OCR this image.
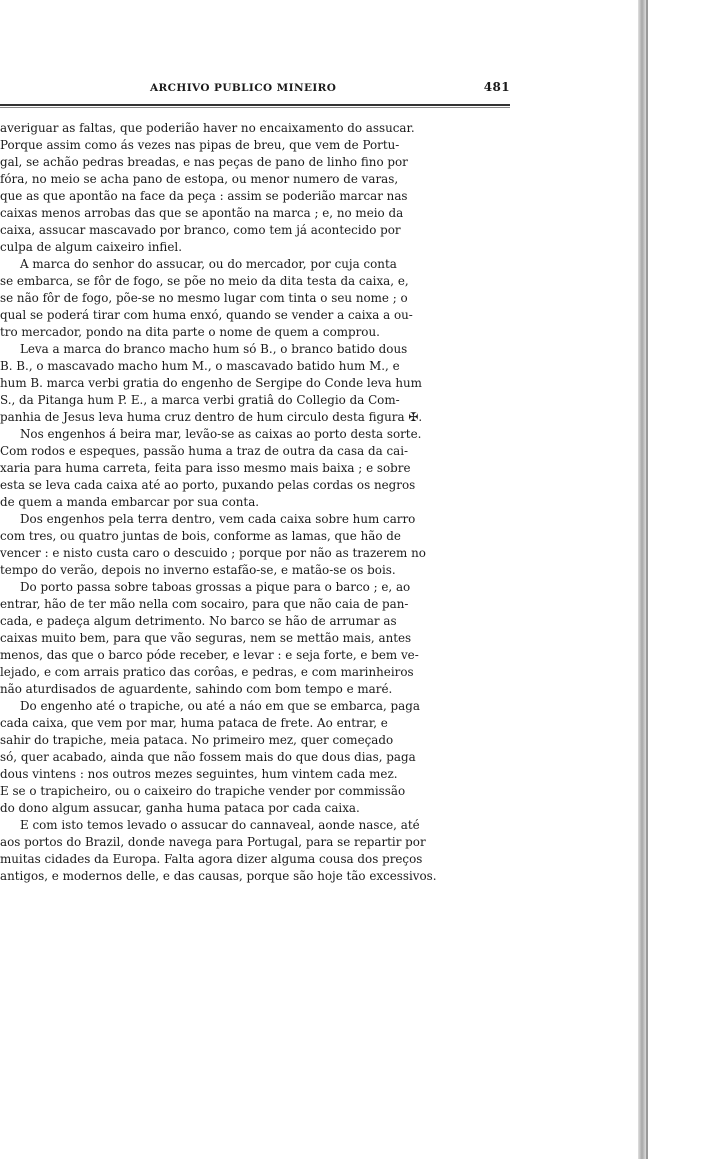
ARCHIVO PUBLICO MINEIRO	481
averiguar as faltas, que poderião haver no encaixamento do assucar.
Porque assim como ás vezes nas pipas de breu, que vem de Portu-
gal, se achão pedras breadas, e nas peças de pano de linho fino por
fóra, no meio se acha pano de estopa, ou menor numero de varas,
que as que apontão na face da peça : assim se poderião marcar nas
caixas menos arrobas das que se apontão na marca ; e, no meio da
caixa, assucar mascavado por branco, como tem já acontecido por
culpa de algum caixeiro infiel.
A marca do senhor do assucar, ou do mercador, por cuja conta
se embarca, se fôr de fogo, se põe no meio da dita testa da caixa, e,
se não fôr de fogo, põe-se no mesmo lugar com tinta o seu nome ; o
qual se poderá tirar com huma enxó, quando se vender a caixa a ou-
tro mercador, pondo na dita parte o nome de quem a comprou.
Leva a marca do branco macho hum só B., o branco batido dous
B. B., o mascavado macho hum M., o mascavado batido hum M., e
hum B. marca verbi gratia do engenho de Sergipe do Conde leva hum
S., da Pitanga hum P. E., a marca verbi gratiâ do Collegio da Com-
panhia de Jesus leva huma cruz dentro de hum circulo desta figura ✠.
Nos engenhos á beira mar, levão-se as caixas ao porto desta sorte.
Com rodos e espeques, passão huma a traz de outra da casa da cai-
xaria para huma carreta, feita para isso mesmo mais baixa ; e sobre
esta se leva cada caixa até ao porto, puxando pelas cordas os negros
de quem a manda embarcar por sua conta.
Dos engenhos pela terra dentro, vem cada caixa sobre hum carro
com tres, ou quatro juntas de bois, conforme as lamas, que hão de
vencer : e nisto custa caro o descuido ; porque por não as trazerem no
tempo do verão, depois no inverno estafão-se, e matão-se os bois.
Do porto passa sobre taboas grossas a pique para o barco ; e, ao
entrar, hão de ter mão nella com socairo, para que não caia de pan-
cada, e padeça algum detrimento. No barco se hão de arrumar as
caixas muito bem, para que vão seguras, nem se mettão mais, antes
menos, das que o barco póde receber, e levar : e seja forte, e bem ve-
lejado, e com arrais pratico das corôas, e pedras, e com marinheiros
não aturdisados de aguardente, sahindo com bom tempo e maré.
Do engenho até o trapiche, ou até a náo em que se embarca, paga
cada caixa, que vem por mar, huma pataca de frete. Ao entrar, e
sahir do trapiche, meia pataca. No primeiro mez, quer começado
só, quer acabado, ainda que não fossem mais do que dous dias, paga
dous vintens : nos outros mezes seguintes, hum vintem cada mez.
E se o trapicheiro, ou o caixeiro do trapiche vender por commissão
do dono algum assucar, ganha huma pataca por cada caixa.
E com isto temos levado o assucar do cannaveal, aonde nasce, até
aos portos do Brazil, donde navega para Portugal, para se repartir por
muitas cidades da Europa. Falta agora dizer alguma cousa dos preços
antigos, e modernos delle, e das causas, porque são hoje tão excessivos.
